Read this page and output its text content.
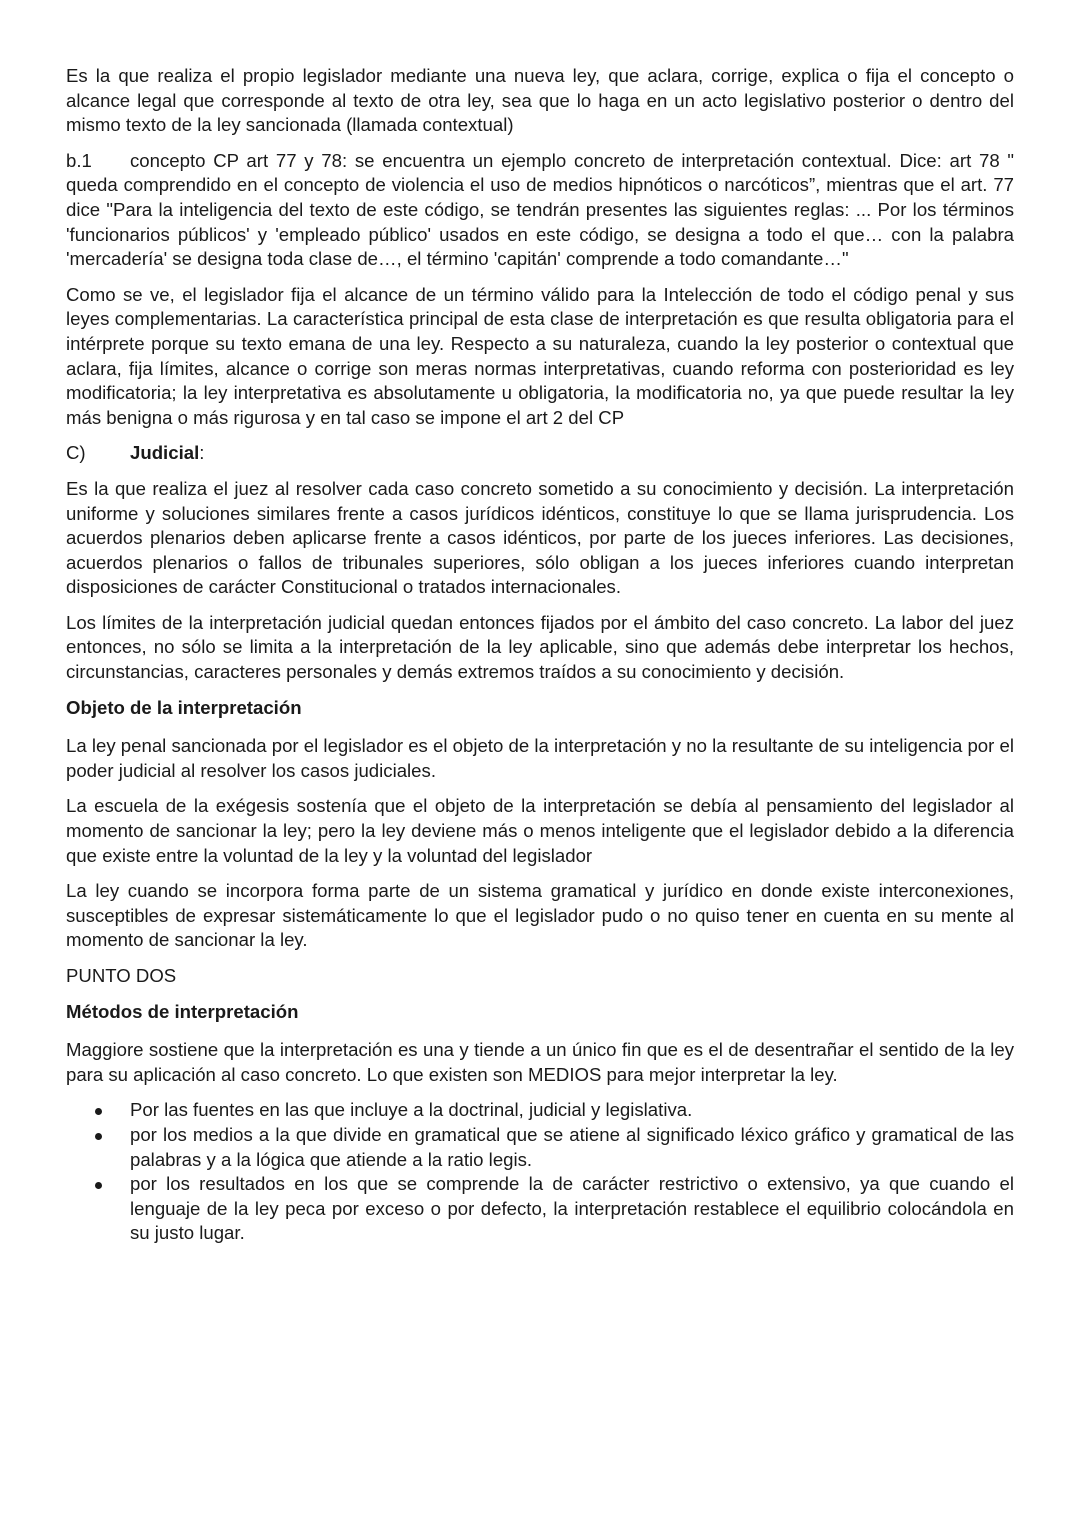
Es la que realiza el propio legislador mediante una nueva ley, que aclara, corrige, explica o fija el concepto o alcance legal que corresponde al texto de otra ley, sea que lo haga en un acto legislativo posterior o dentro del mismo texto de la ley sancionada (llamada contextual)

b.1 concepto CP art 77 y 78: se encuentra un ejemplo concreto de interpretación contextual. Dice: art 78 " queda comprendido en el concepto de violencia el uso de medios hipnóticos o narcóticos”, mientras que el art. 77 dice "Para la inteligencia del texto de este código, se tendrán presentes las siguientes reglas: ... Por los términos 'funcionarios públicos' y 'empleado público' usados en este código, se designa a todo el que… con la palabra 'mercadería' se designa toda clase de…, el término 'capitán' comprende a todo comandante…"

Como se ve, el legislador fija el alcance de un término válido para la Intelección de todo el código penal y sus leyes complementarias. La característica principal de esta clase de interpretación es que resulta obligatoria para el intérprete porque su texto emana de una ley. Respecto a su naturaleza, cuando la ley posterior o contextual que aclara, fija límites, alcance o corrige son meras normas interpretativas, cuando reforma con posterioridad es ley modificatoria; la ley interpretativa es absolutamente u obligatoria, la modificatoria no, ya que puede resultar la ley más benigna o más rigurosa y en tal caso se impone el art 2 del CP

C) Judicial:

Es la que realiza el juez al resolver cada caso concreto sometido a su conocimiento y decisión. La interpretación uniforme y soluciones similares frente a casos jurídicos idénticos, constituye lo que se llama jurisprudencia. Los acuerdos plenarios deben aplicarse frente a casos idénticos, por parte de los jueces inferiores. Las decisiones, acuerdos plenarios o fallos de tribunales superiores, sólo obligan a los jueces inferiores cuando interpretan disposiciones de carácter Constitucional o tratados internacionales.

Los límites de la interpretación judicial quedan entonces fijados por el ámbito del caso concreto. La labor del juez entonces, no sólo se limita a la interpretación de la ley aplicable, sino que además debe interpretar los hechos, circunstancias, caracteres personales y demás extremos traídos a su conocimiento y decisión.

Objeto de la interpretación

La ley penal sancionada por el legislador es el objeto de la interpretación y no la resultante de su inteligencia por el poder judicial al resolver los casos judiciales.

La escuela de la exégesis sostenía que el objeto de la interpretación se debía al pensamiento del legislador al momento de sancionar la ley; pero la ley deviene más o menos inteligente que el legislador debido a la diferencia que existe entre la voluntad de la ley y la voluntad del legislador

La ley cuando se incorpora forma parte de un sistema gramatical y jurídico en donde existe interconexiones, susceptibles de expresar sistemáticamente lo que el legislador pudo o no quiso tener en cuenta en su mente al momento de sancionar la ley.

PUNTO DOS

Métodos de interpretación

Maggiore sostiene que la interpretación es una y tiende a un único fin que es el de desentrañar el sentido de la ley para su aplicación al caso concreto. Lo que existen son MEDIOS para mejor interpretar la ley.

Por las fuentes en las que incluye a la doctrinal, judicial y legislativa.
por los medios a la que divide en gramatical que se atiene al significado léxico gráfico y gramatical de las palabras y a la lógica que atiende a la ratio legis.
por los resultados en los que se comprende la de carácter restrictivo o extensivo, ya que cuando el lenguaje de la ley peca por exceso o por defecto, la interpretación restablece el equilibrio colocándola en su justo lugar.
